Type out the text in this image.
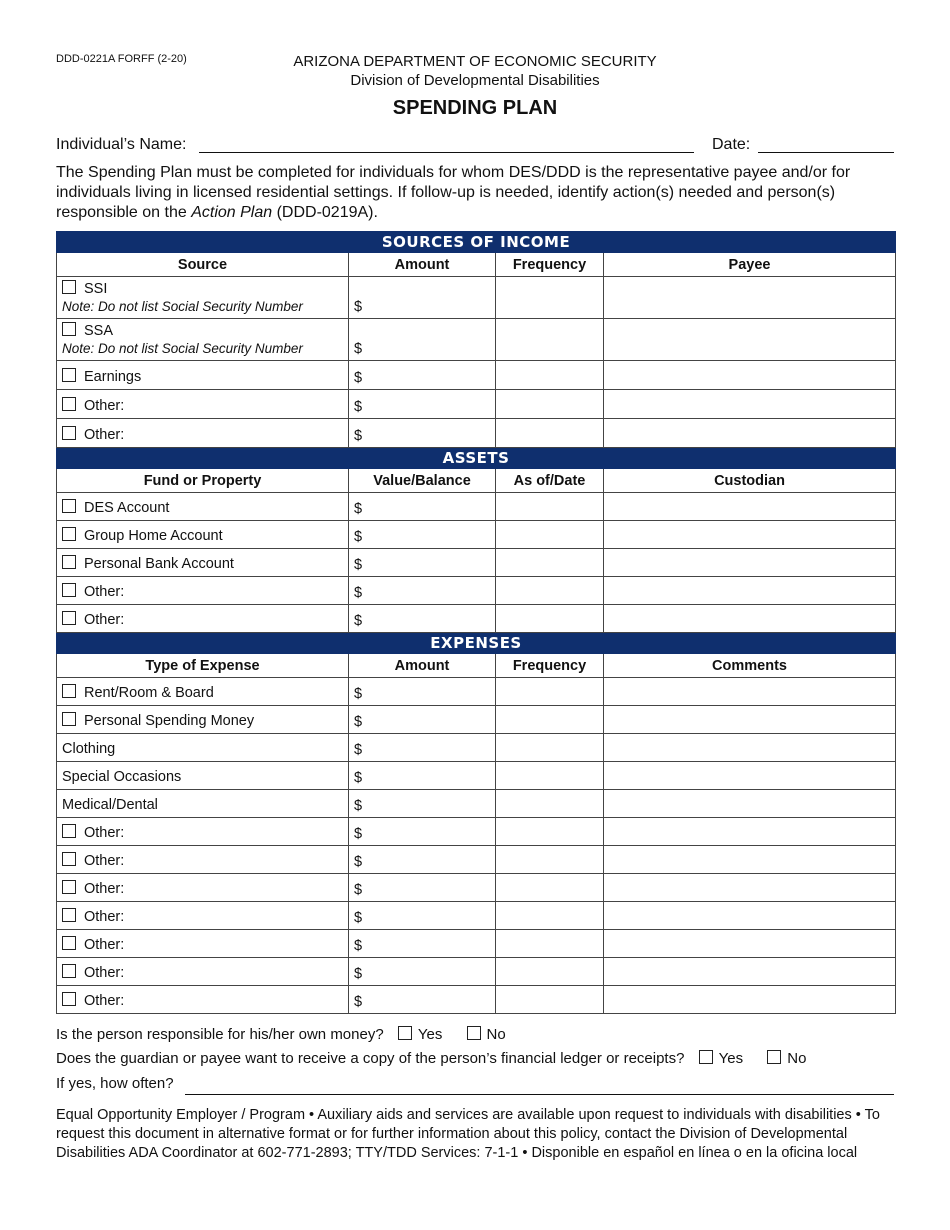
DDD-0221A FORFF (2-20)	ARIZONA DEPARTMENT OF ECONOMIC SECURITY
Division of Developmental Disabilities
SPENDING PLAN
Individual’s Name:	Date:
The Spending Plan must be completed for individuals for whom DES/DDD is the representative payee and/or for individuals living in licensed residential settings. If follow-up is needed, identify action(s) needed and person(s) responsible on the Action Plan (DDD-0219A).
SOURCES OF INCOME			
Source	Amount	Frequency	Payee

SSI
Note: Do not list Social Security Number	$		

SSA
Note: Do not list Social Security Number	$		

Earnings	$		

Other:	$		

Other:	$		
ASSETS			
Fund or Property	Value/Balance	As of/Date	Custodian

DES Account	$		

Group Home Account	$		

Personal Bank Account	$		

Other:	$		

Other:	$		
EXPENSES			
Type of Expense	Amount	Frequency	Comments

Rent/Room & Board	$		

Personal Spending Money	$		

Clothing	$		

Special Occasions	$		

Medical/Dental	$		

Other:	$		

Other:	$		

Other:	$		

Other:	$		

Other:	$		

Other:	$		

Other:	$		
Is the person responsible for his/her own money? Yes	No
Does the guardian or payee want to receive a copy of the person’s financial ledger or receipts? Yes	No
If yes, how often?
Equal Opportunity Employer / Program • Auxiliary aids and services are available upon request to individuals with disabilities • To request this document in alternative format or for further information about this policy, contact the Division of Developmental Disabilities ADA Coordinator at 602-771-2893; TTY/TDD Services: 7-1-1 • Disponible en español en línea o en la oficina local
